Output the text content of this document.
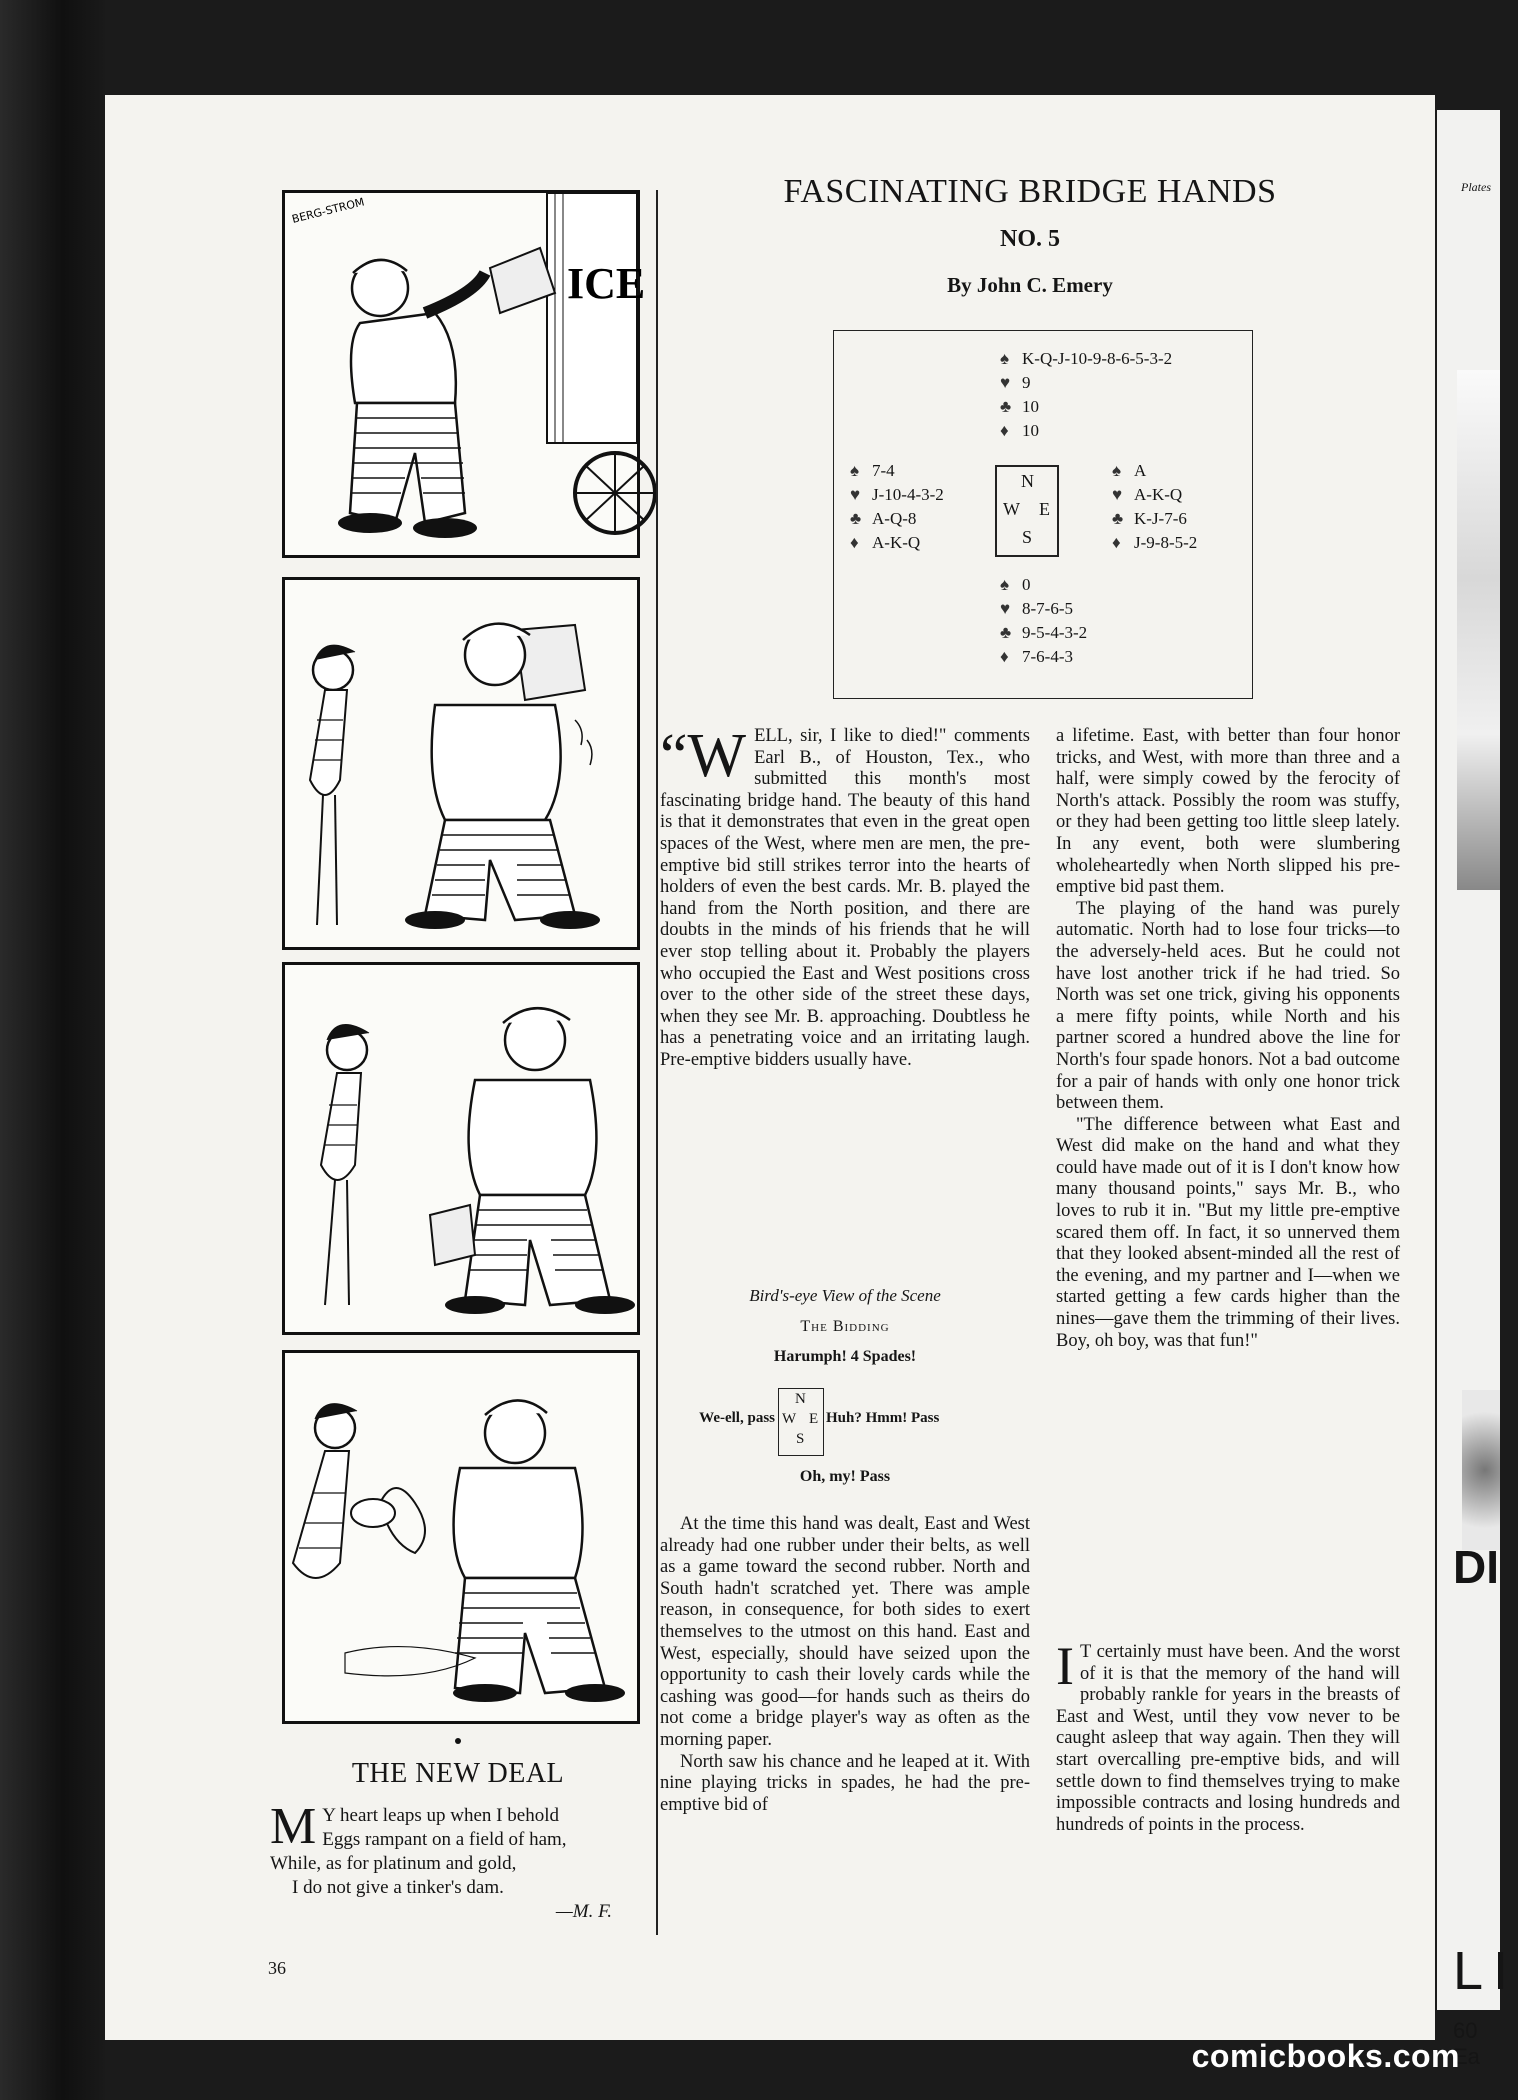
BERG-STROM
ICE
THE NEW DEAL
M Y heart leaps up when I behold
Eggs rampant on a field of ham,
While, as for platinum and gold,
I do not give a tinker's dam.
—M. F.
36
FASCINATING BRIDGE HANDS
NO. 5
By John C. Emery
♠ K-Q-J-10-9-8-6-5-3-2
♥ 9
♣ 10
♦ 10
♠ 7-4
♥ J-10-4-3-2
♣ A-Q-8
♦ A-K-Q
N
W E
S
♠ A
♥ A-K-Q
♣ K-J-7-6
♦ J-9-8-5-2
♠ 0
♥ 8-7-6-5
♣ 9-5-4-3-2
♦ 7-6-4-3

“W ELL, sir, I like to died!" comments Earl B., of Houston, Tex., who submitted this month's most fascinating bridge hand. The beauty of this hand is that it demonstrates that even in the great open spaces of the West, where men are men, the pre-emptive bid still strikes terror into the hearts of holders of even the best cards. Mr. B. played the hand from the North position, and there are doubts in the minds of his friends that he will ever stop telling about it. Probably the players who occupied the East and West positions cross over to the other side of the street these days, when they see Mr. B. approaching. Doubtless he has a penetrating voice and an irritating laugh. Pre-emptive bidders usually have.

Bird's-eye View of the Scene
The Bidding
Harumph! 4 Spades!
We-ell, pass
N
W E
S
Huh? Hmm! Pass
Oh, my! Pass

At the time this hand was dealt, East and West already had one rubber under their belts, as well as a game toward the second rubber. North and South hadn't scratched yet. There was ample reason, in consequence, for both sides to exert themselves to the utmost on this hand. East and West, especially, should have seized upon the opportunity to cash their lovely cards while the cashing was good—for hands such as theirs do not come a bridge player's way as often as the morning paper.

North saw his chance and he leaped at it. With nine playing tricks in spades, he had the pre-emptive bid of

a lifetime. East, with better than four honor tricks, and West, with more than three and a half, were simply cowed by the ferocity of North's attack. Possibly the room was stuffy, or they had been getting too little sleep lately. In any event, both were slumbering wholeheartedly when North slipped his pre-emptive bid past them.

The playing of the hand was purely automatic. North had to lose four tricks—to the adversely-held aces. But he could not have lost another trick if he had tried. So North was set one trick, giving his opponents a mere fifty points, while North and his partner scored a hundred above the line for North's four spade honors. Not a bad outcome for a pair of hands with only one honor trick between them.

"The difference between what East and West did make on the hand and what they could have made out of it is I don't know how many thousand points," says Mr. B., who loves to rub it in. "But my little pre-emptive scared them off. In fact, it so unnerved them that they looked absent-minded all the rest of the evening, and my partner and I—when we started getting a few cards higher than the nines—gave them the trimming of their lives. Boy, oh boy, was that fun!"

I T certainly must have been. And the worst of it is that the memory of the hand will probably rankle for years in the breasts of East and West, until they vow never to be caught asleep that way again. Then they will start overcalling pre-emptive bids, and will settle down to find themselves trying to make impossible contracts and losing hundreds and hundreds of points in the process.

Plates
DI
LI
60 Ea
comicbooks.com
